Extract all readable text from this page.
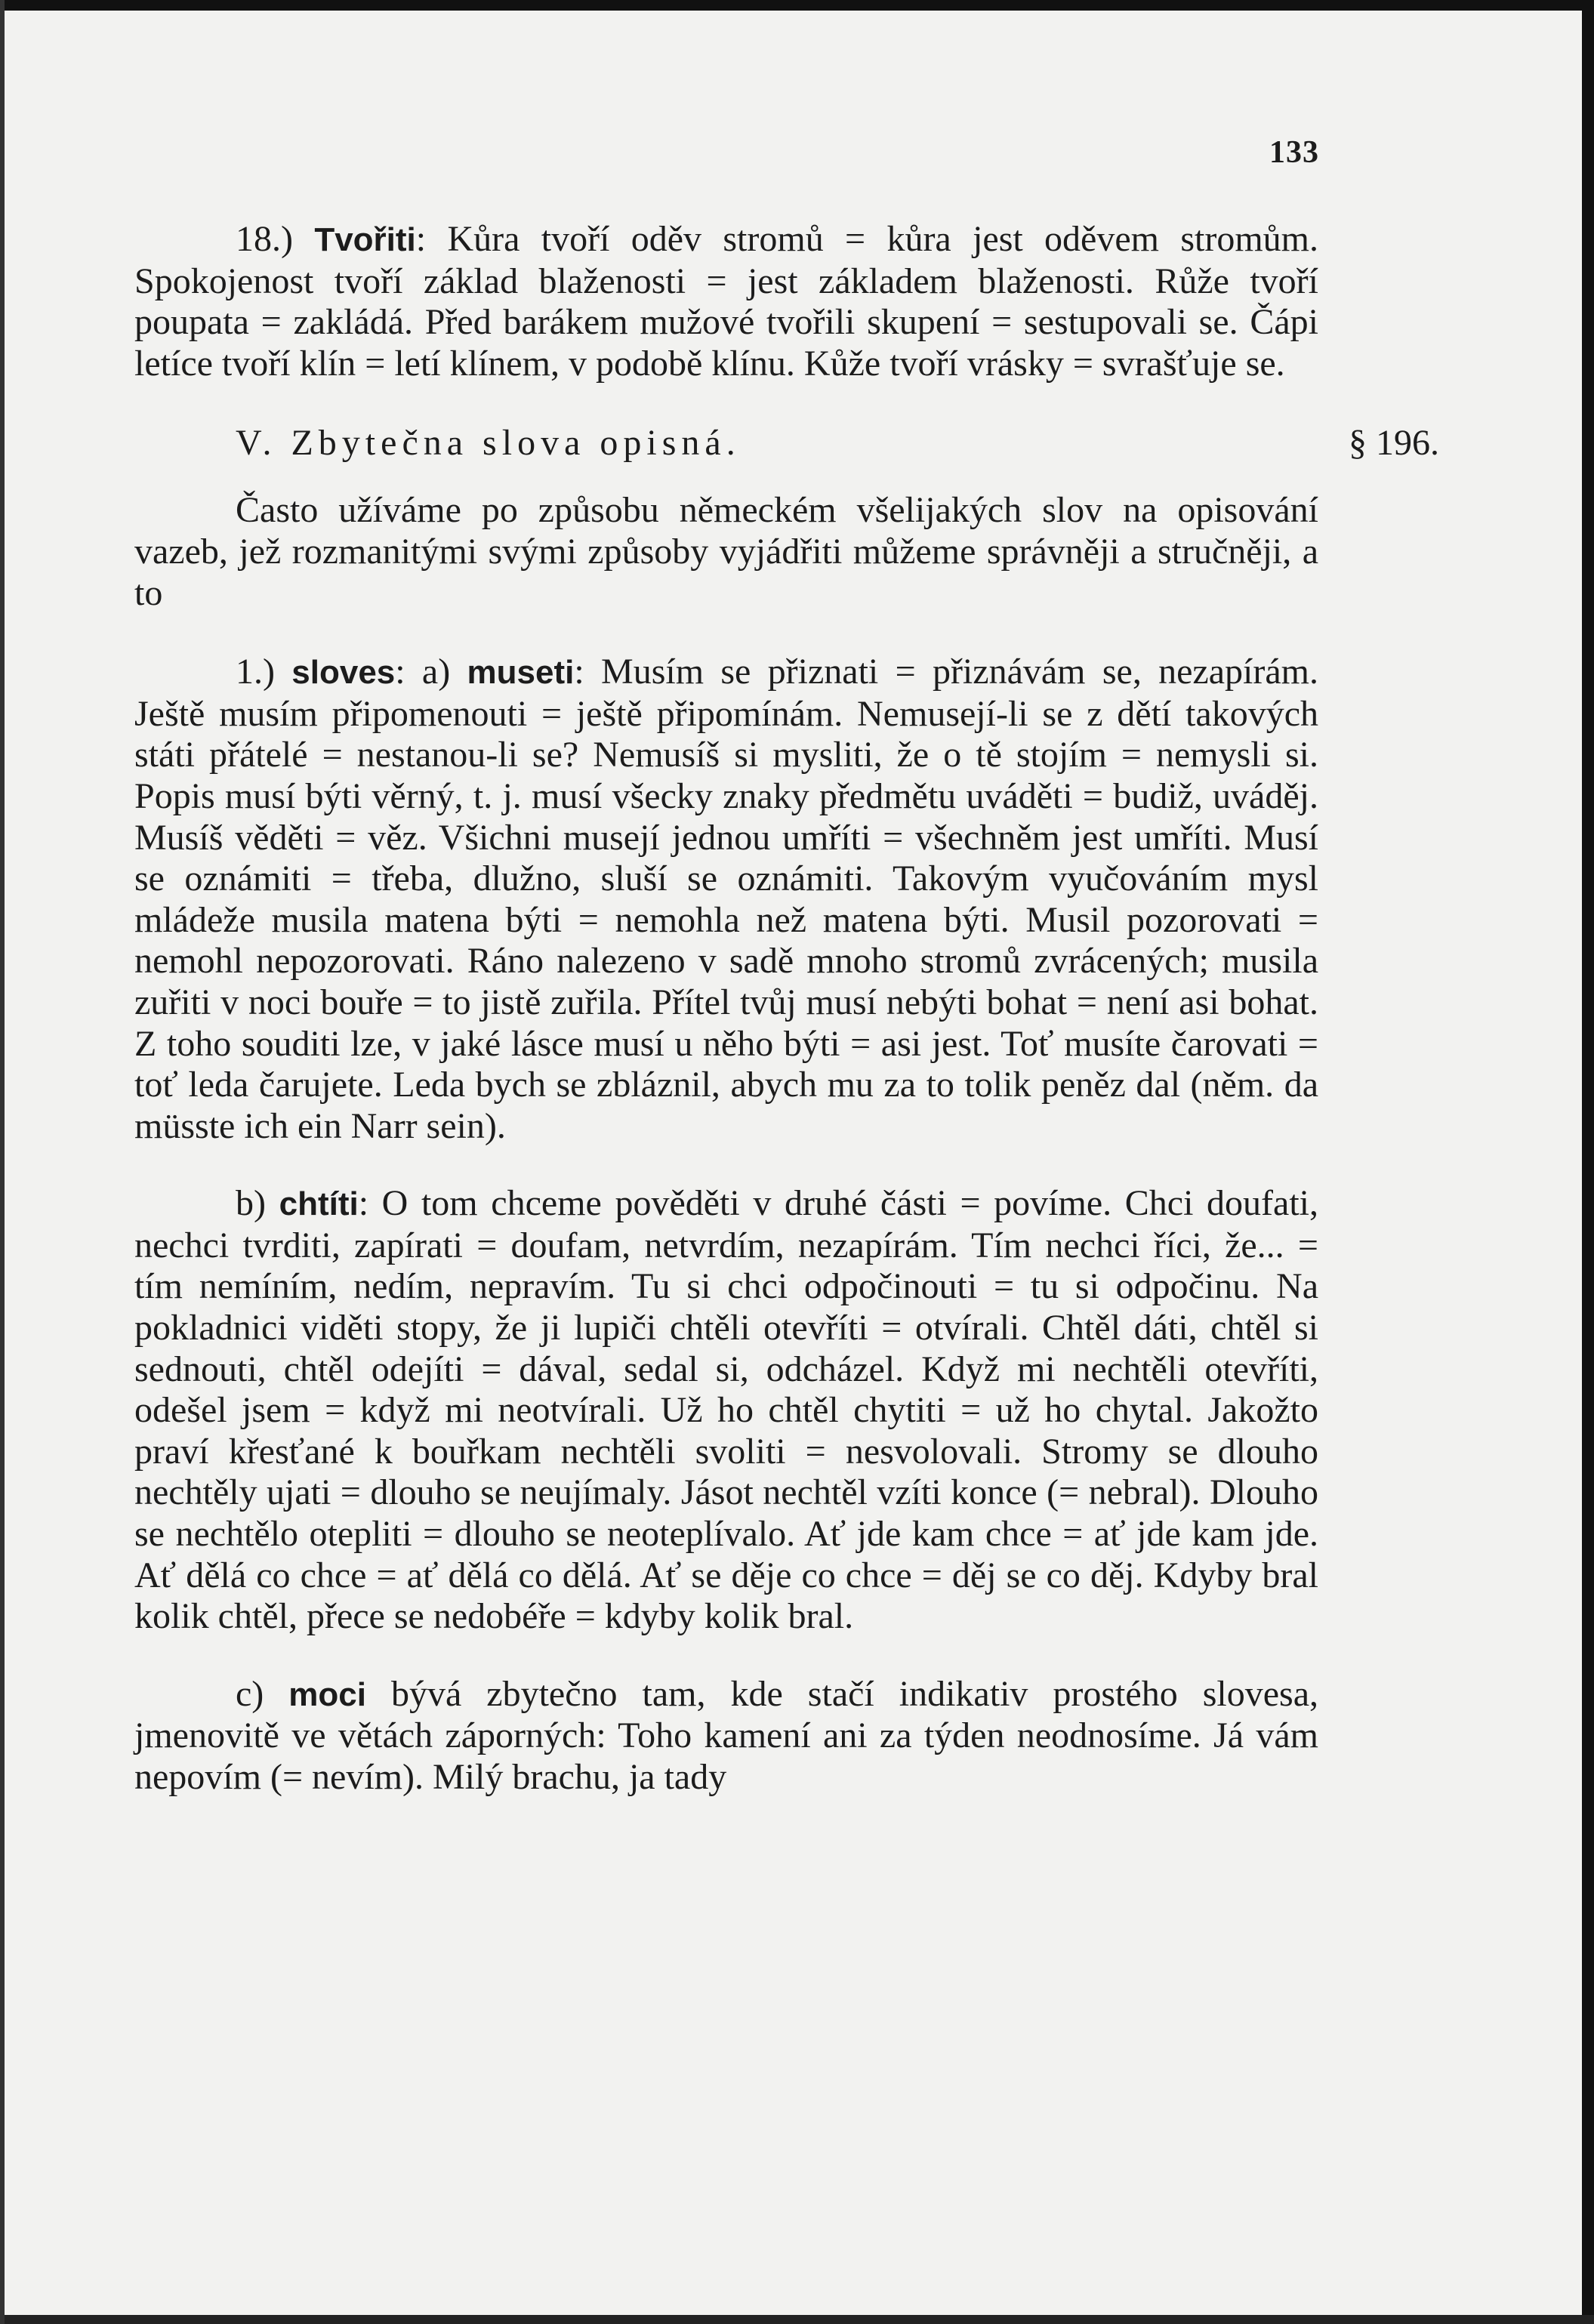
133

18.) Tvořiti: Kůra tvoří oděv stromů = kůra jest oděvem stromům. Spokojenost tvoří základ blaženosti = jest základem blaženosti. Růže tvoří poupata = zakládá. Před barákem mužové tvořili skupení = sestupovali se. Čápi letíce tvoří klín = letí klínem, v podobě klínu. Kůže tvoří vrásky = svrašťuje se.

V. Zbytečna slova opisná.	§ 196.

Často užíváme po způsobu německém všelijakých slov na opisování vazeb, jež rozmanitými svými způsoby vyjádřiti můžeme správněji a stručněji, a to

1.) sloves: a) museti: Musím se přiznati = přiznávám se, nezapírám. Ještě musím připomenouti = ještě připomínám. Nemusejí-li se z dětí takových státi přátelé = nestanou-li se? Nemusíš si mysliti, že o tě stojím = nemysli si. Popis musí býti věrný, t. j. musí všecky znaky předmětu uváděti = budiž, uváděj. Musíš věděti = věz. Všichni musejí jednou umříti = všechněm jest umříti. Musí se oznámiti = třeba, dlužno, sluší se oznámiti. Takovým vyučováním mysl mládeže musila matena býti = nemohla než matena býti. Musil pozorovati = nemohl nepozorovati. Ráno nalezeno v sadě mnoho stromů zvrácených; musila zuřiti v noci bouře = to jistě zuřila. Přítel tvůj musí nebýti bohat = není asi bohat. Z toho souditi lze, v jaké lásce musí u něho býti = asi jest. Toť musíte čarovati = toť leda čarujete. Leda bych se zbláznil, abych mu za to tolik peněz dal (něm. da müsste ich ein Narr sein).

b) chtíti: O tom chceme pověděti v druhé části = povíme. Chci doufati, nechci tvrditi, zapírati = doufam, netvrdím, nezapírám. Tím nechci říci, že... = tím nemíním, nedím, nepravím. Tu si chci odpočinouti = tu si odpočinu. Na pokladnici viděti stopy, že ji lupiči chtěli otevříti = otvírali. Chtěl dáti, chtěl si sednouti, chtěl odejíti = dával, sedal si, odcházel. Když mi nechtěli otevříti, odešel jsem = když mi neotvírali. Už ho chtěl chytiti = už ho chytal. Jakožto praví křesťané k bouřkam nechtěli svoliti = nesvolovali. Stromy se dlouho nechtěly ujati = dlouho se neujímaly. Jásot nechtěl vzíti konce (= nebral). Dlouho se nechtělo otepliti = dlouho se neoteplívalo. Ať jde kam chce = ať jde kam jde. Ať dělá co chce = ať dělá co dělá. Ať se děje co chce = děj se co děj. Kdyby bral kolik chtěl, přece se nedobéře = kdyby kolik bral.

c) moci bývá zbytečno tam, kde stačí indikativ prostého slovesa, jmenovitě ve větách záporných: Toho kamení ani za týden neodnosíme. Já vám nepovím (= nevím). Milý brachu, ja tady
